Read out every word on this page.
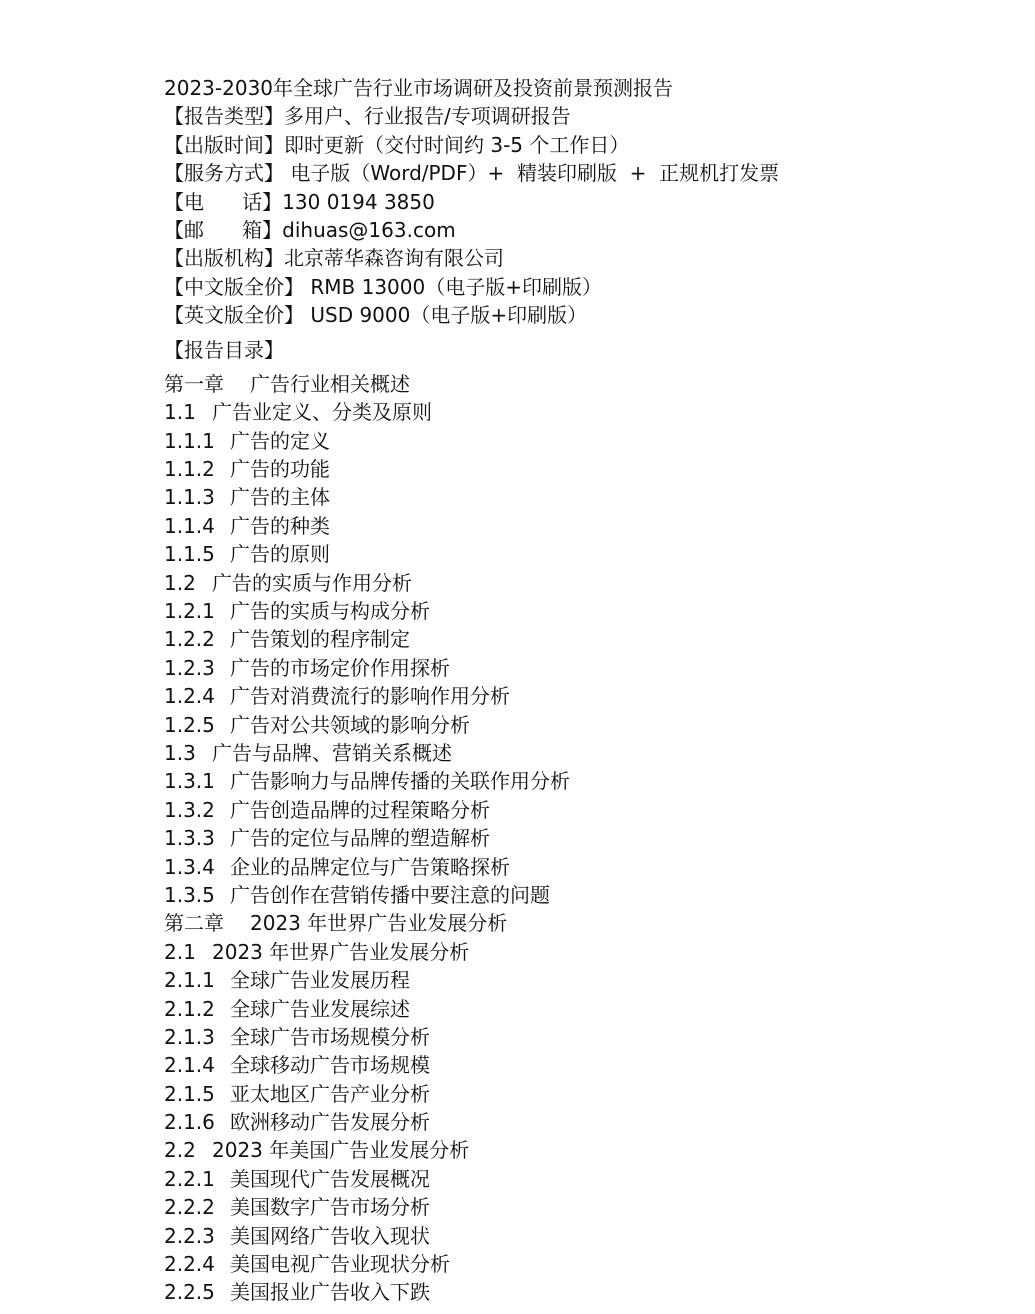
2023-2030年全球广告行业市场调研及投资前景预测报告
【报告类型】多用户、行业报告/专项调研报告
【出版时间】即时更新（交付时间约 3-5 个工作日）
【服务方式】 电子版（Word/PDF）+  精装印刷版  +  正规机打发票
【电      话】130 0194 3850
【邮      箱】dihuas@163.com
【出版机构】北京蒂华森咨询有限公司
【中文版全价】 RMB 13000（电子版+印刷版）
【英文版全价】 USD 9000（电子版+印刷版）
【报告目录】
第一章 广告行业相关概述
1.1 广告业定义、分类及原则
1.1.1 广告的定义
1.1.2 广告的功能
1.1.3 广告的主体
1.1.4 广告的种类
1.1.5 广告的原则
1.2 广告的实质与作用分析
1.2.1 广告的实质与构成分析
1.2.2 广告策划的程序制定
1.2.3 广告的市场定价作用探析
1.2.4 广告对消费流行的影响作用分析
1.2.5 广告对公共领域的影响分析
1.3 广告与品牌、营销关系概述
1.3.1 广告影响力与品牌传播的关联作用分析
1.3.2 广告创造品牌的过程策略分析
1.3.3 广告的定位与品牌的塑造解析
1.3.4 企业的品牌定位与广告策略探析
1.3.5 广告创作在营销传播中要注意的问题
第二章 2023 年世界广告业发展分析
2.1 2023 年世界广告业发展分析
2.1.1 全球广告业发展历程
2.1.2 全球广告业发展综述
2.1.3 全球广告市场规模分析
2.1.4 全球移动广告市场规模
2.1.5 亚太地区广告产业分析
2.1.6 欧洲移动广告发展分析
2.2 2023 年美国广告业发展分析
2.2.1 美国现代广告发展概况
2.2.2 美国数字广告市场分析
2.2.3 美国网络广告收入现状
2.2.4 美国电视广告业现状分析
2.2.5 美国报业广告收入下跌
